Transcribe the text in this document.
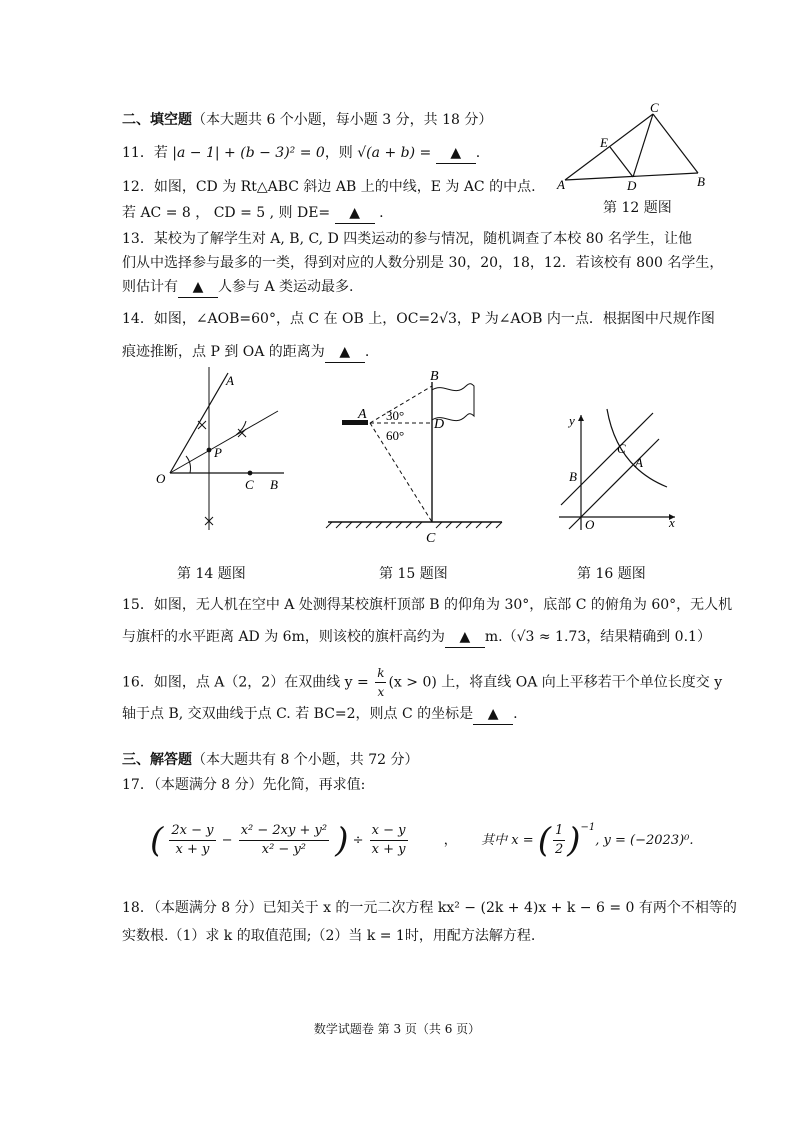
二、填空题（本大题共 6 个小题，每小题 3 分，共 18 分）
11．若 |a − 1| + (b − 3)² = 0，则 √(a + b) = ▲ .
12．如图，CD 为 Rt△ABC 斜边 AB 上的中线，E 为 AC 的中点.
若 AC = 8 ， CD = 5 , 则 DE= ▲ .
A	B
C
D
E
第 12 题图
13．某校为了解学生对 A, B, C, D 四类运动的参与情况，随机调查了本校 80 名学生，让他
们从中选择参与最多的一类，得到对应的人数分别是 30，20，18，12．若该校有 800 名学生，
则估计有 ▲ 人参与 A 类运动最多.
14．如图，∠AOB=60°，点 C 在 OB 上，OC=2√3，P 为∠AOB 内一点．根据图中尺规作图
痕迹推断，点 P 到 OA 的距离为 ▲ .
A
O
P
C B
第 14 题图
A
B
D
C
30°
60°
第 15 题图
y
x
O
B
C
A
第 16 题图
15．如图，无人机在空中 A 处测得某校旗杆顶部 B 的仰角为 30°，底部 C 的俯角为 60°，无人机
与旗杆的水平距离 AD 为 6m，则该校的旗杆高约为 ▲ m.（√3 ≈ 1.73，结果精确到 0.1）
16．如图，点 A（2，2）在双曲线 $y = \frac{k}{x} (x > 0)$ 上，将直线 OA 向上平移若干个单位长度交 y
轴于点 B, 交双曲线于点 C. 若 BC=2，则点 C 的坐标是 ▲ .
三、解答题（本大题共有 8 个小题，共 72 分）
17．（本题满分 8 分）先化简，再求值:
( $\frac{2x - y}{x + y} - \frac{\text{x² − 2xy + y²}}{\text{x² − y²}}$ ) ÷ $\frac{x - y}{x + y}$	， 其中 x = ( $\frac{1}{2} )^{-1}$, y = (−2023)⁰.
18．（本题满分 8 分）已知关于 x 的一元二次方程 kx² − (2k + 4)x + k − 6 = 0 有两个不相等的
实数根.（1）求 k 的取值范围;（2）当 k = 1时，用配方法解方程.
数学试题卷 第 3 页（共 6 页）
